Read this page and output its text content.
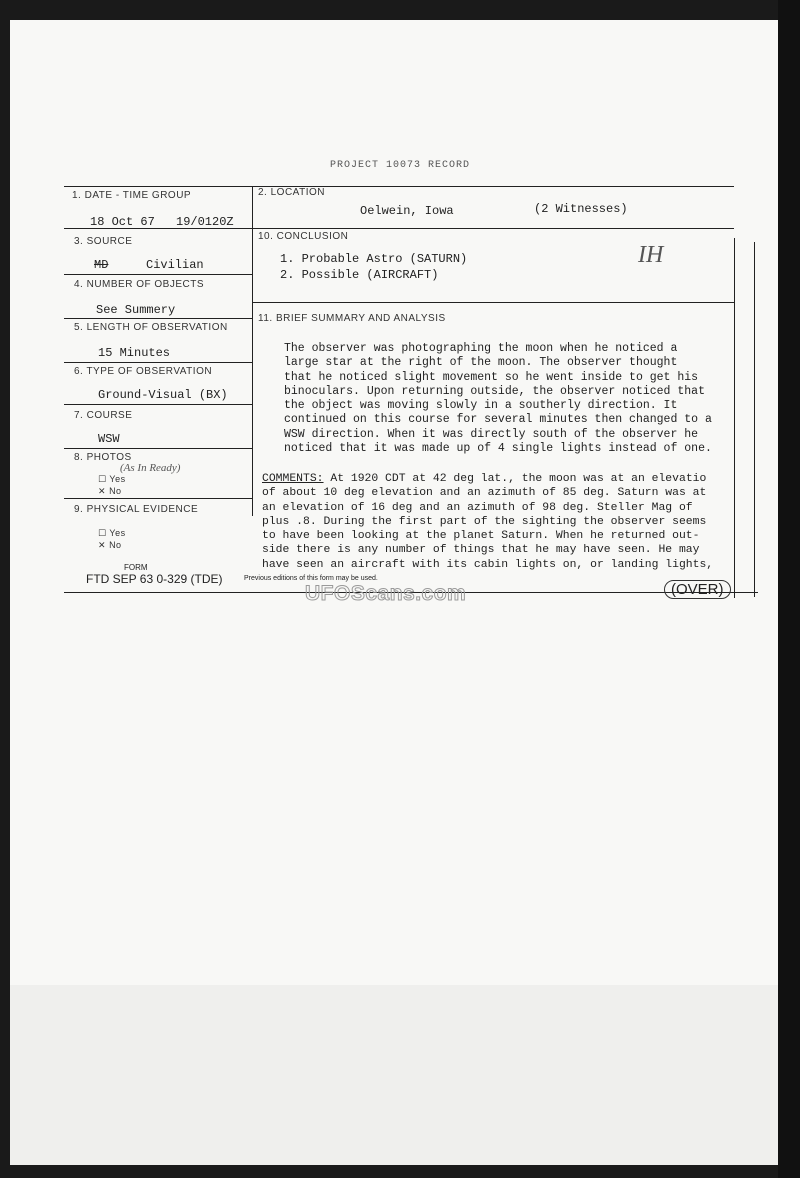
PROJECT 10073 RECORD
1. DATE - TIME GROUP
18 Oct 67 19/0120Z
2. LOCATION
Oelwein, Iowa	(2 Witnesses)
3. SOURCE
MD	Civilian
4. NUMBER OF OBJECTS
See Summery
5. LENGTH OF OBSERVATION
15 Minutes
6. TYPE OF OBSERVATION
Ground-Visual (BX)
7. COURSE
WSW
8. PHOTOS
(As In Ready)
☐ Yes
✕ No
9. PHYSICAL EVIDENCE
☐ Yes
✕ No
10. CONCLUSION
1. Probable Astro (SATURN)
2. Possible (AIRCRAFT)
IH
11. BRIEF SUMMARY AND ANALYSIS
The observer was photographing the moon when he noticed a
large star at the right of the moon. The observer thought
that he noticed slight movement so he went inside to get his
binoculars. Upon returning outside, the observer noticed that
the object was moving slowly in a southerly direction. It
continued on this course for several minutes then changed to a
WSW direction. When it was directly south of the observer he
noticed that it was made up of 4 single lights instead of one.
COMMENTS: At 1920 CDT at 42 deg lat., the moon was at an elevatio
of about 10 deg elevation and an azimuth of 85 deg. Saturn was at
an elevation of 16 deg and an azimuth of 98 deg. Steller Mag of
plus .8. During the first part of the sighting the observer seems
to have been looking at the planet Saturn. When he returned out-
side there is any number of things that he may have seen. He may
have seen an aircraft with its cabin lights on, or landing lights,
FORM
FTD SEP 63 0-329 (TDE)	Previous editions of this form may be used.
(OVER)
UFOScans.com
